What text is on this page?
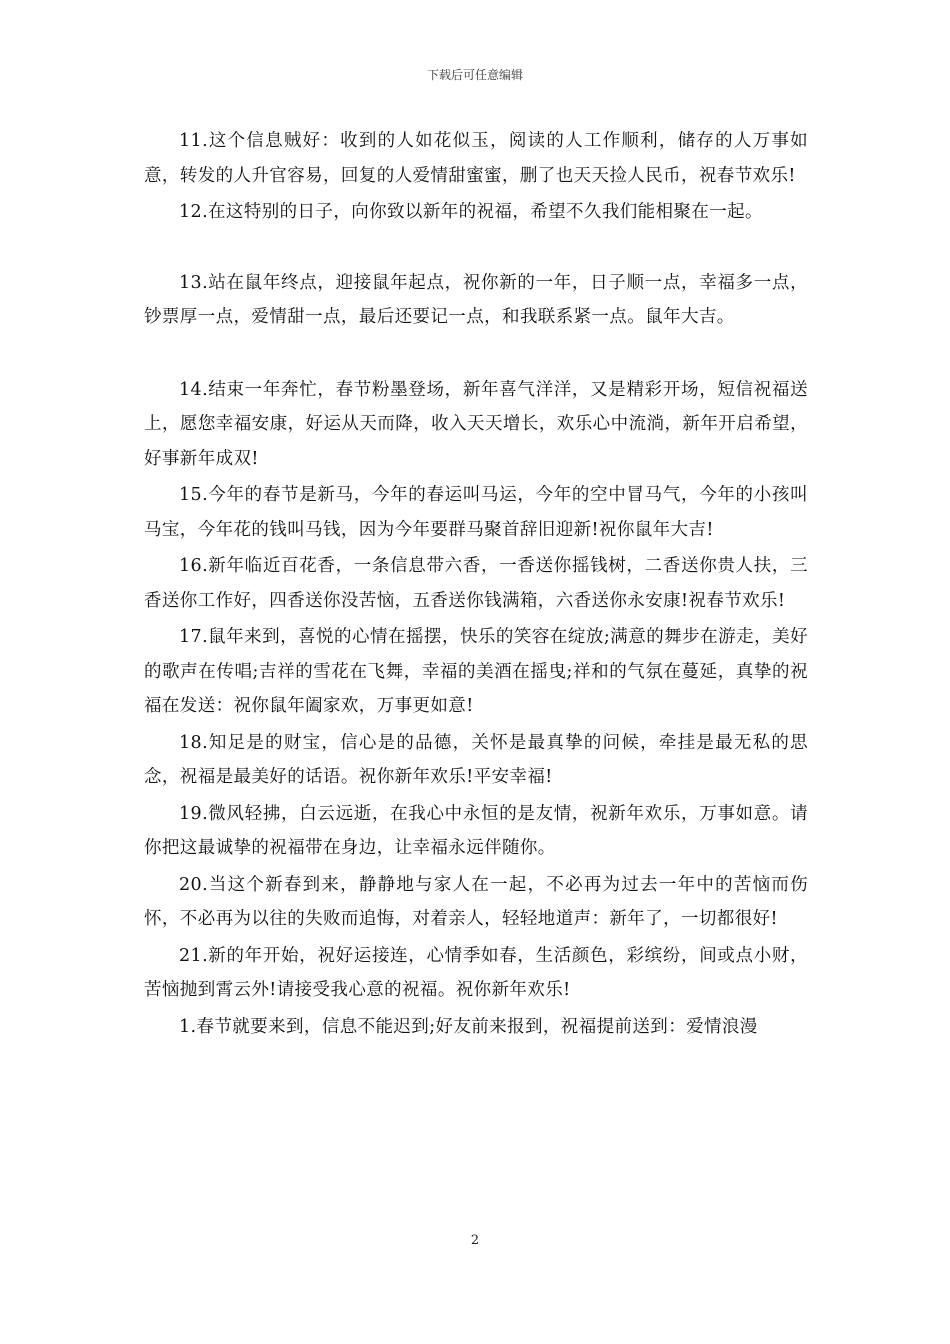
下载后可任意编辑

11.这个信息贼好：收到的人如花似玉，阅读的人工作顺利，储存的人万事如意，转发的人升官容易，回复的人爱情甜蜜蜜，删了也天天捡人民币，祝春节欢乐!

12.在这特别的日子，向你致以新年的祝福，希望不久我们能相聚在一起。

13.站在鼠年终点，迎接鼠年起点，祝你新的一年，日子顺一点，幸福多一点，钞票厚一点，爱情甜一点，最后还要记一点，和我联系紧一点。鼠年大吉。

14.结束一年奔忙，春节粉墨登场，新年喜气洋洋，又是精彩开场，短信祝福送上，愿您幸福安康，好运从天而降，收入天天增长，欢乐心中流淌，新年开启希望，好事新年成双!

15.今年的春节是新马，今年的春运叫马运，今年的空中冒马气，今年的小孩叫马宝，今年花的钱叫马钱，因为今年要群马聚首辞旧迎新!祝你鼠年大吉!

16.新年临近百花香，一条信息带六香，一香送你摇钱树，二香送你贵人扶，三香送你工作好，四香送你没苦恼，五香送你钱满箱，六香送你永安康!祝春节欢乐!

17.鼠年来到，喜悦的心情在摇摆，快乐的笑容在绽放;满意的舞步在游走，美好的歌声在传唱;吉祥的雪花在飞舞，幸福的美酒在摇曳;祥和的气氛在蔓延，真挚的祝福在发送：祝你鼠年阖家欢，万事更如意!

18.知足是的财宝，信心是的品德，关怀是最真挚的问候，牵挂是最无私的思念，祝福是最美好的话语。祝你新年欢乐!平安幸福!

19.微风轻拂，白云远逝，在我心中永恒的是友情，祝新年欢乐，万事如意。请你把这最诚挚的祝福带在身边，让幸福永远伴随你。

20.当这个新春到来，静静地与家人在一起，不必再为过去一年中的苦恼而伤怀，不必再为以往的失败而追悔，对着亲人，轻轻地道声：新年了，一切都很好!

21.新的年开始，祝好运接连，心情季如春，生活颜色，彩缤纷，间或点小财，苦恼抛到霄云外!请接受我心意的祝福。祝你新年欢乐!

1.春节就要来到，信息不能迟到;好友前来报到，祝福提前送到：爱情浪漫

2
